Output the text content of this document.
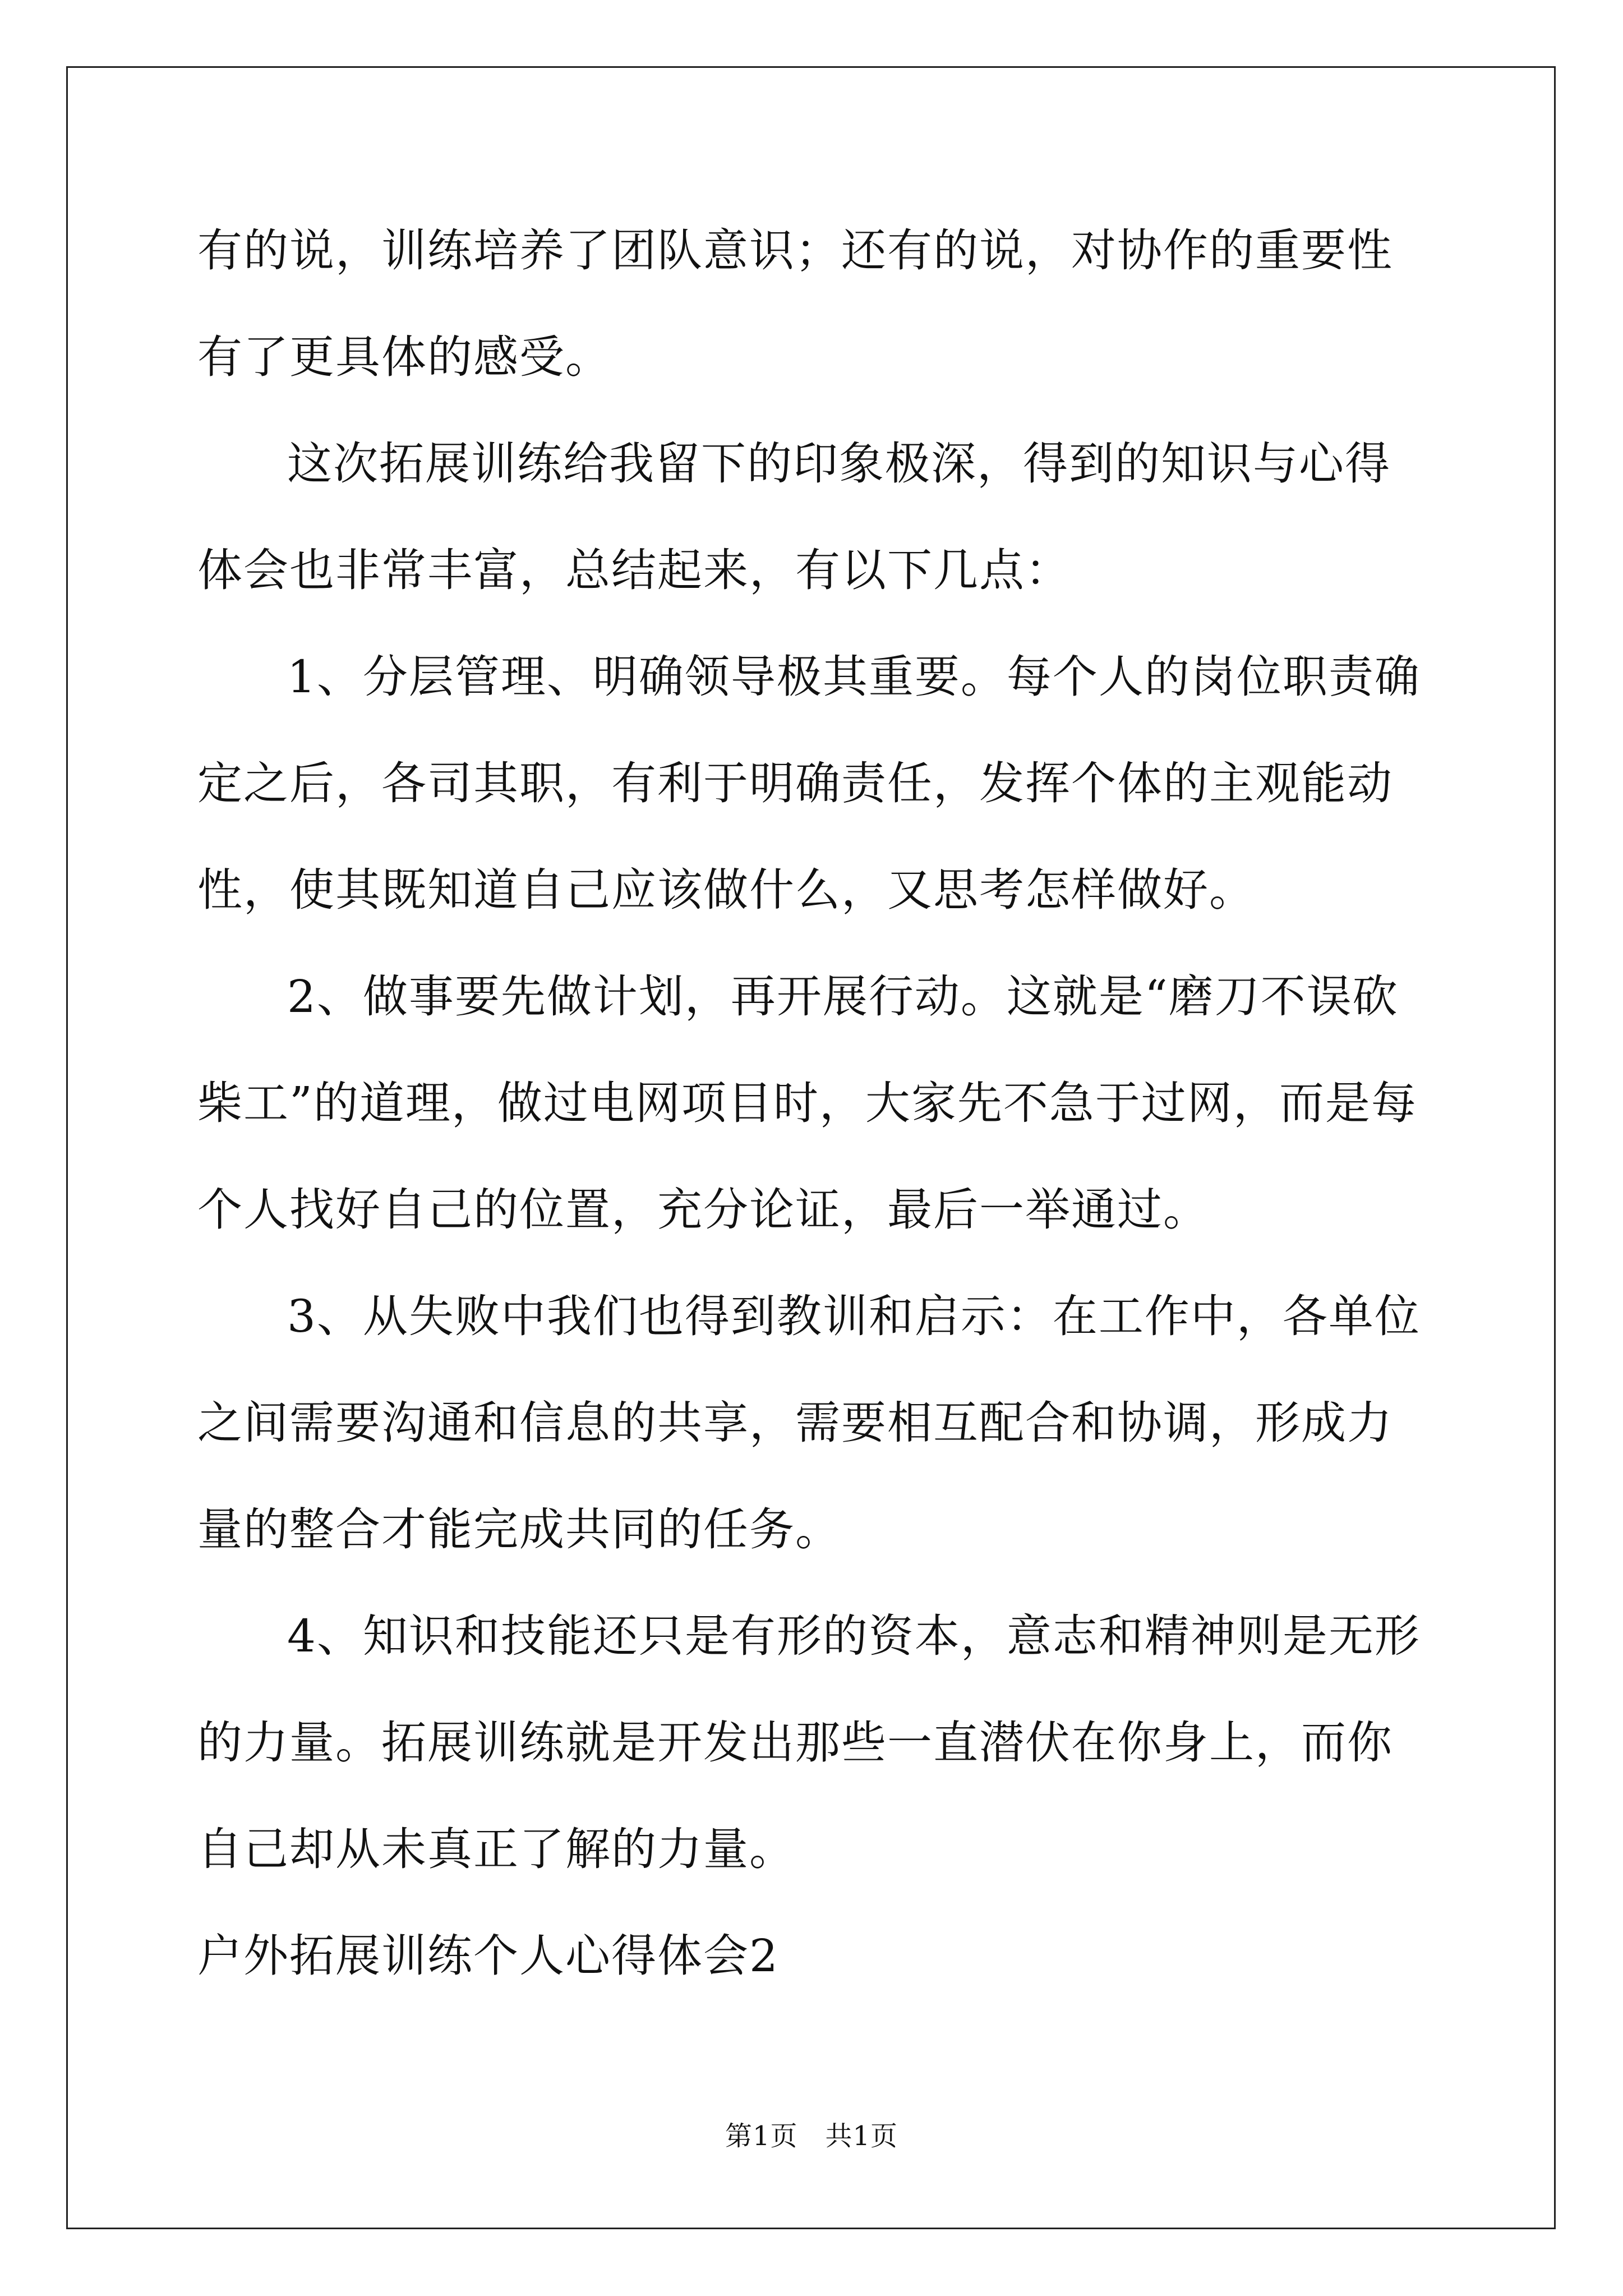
有的说，训练培养了团队意识；还有的说，对协作的重要性有了更具体的感受。

这次拓展训练给我留下的印象极深，得到的知识与心得体会也非常丰富，总结起来，有以下几点：

1、分层管理、明确领导极其重要。每个人的岗位职责确定之后，各司其职，有利于明确责任，发挥个体的主观能动性，使其既知道自己应该做什么，又思考怎样做好。

2、做事要先做计划，再开展行动。这就是“磨刀不误砍柴工”的道理，做过电网项目时，大家先不急于过网，而是每个人找好自己的位置，充分论证，最后一举通过。

3、从失败中我们也得到教训和启示：在工作中，各单位之间需要沟通和信息的共享，需要相互配合和协调，形成力量的整合才能完成共同的任务。

4、知识和技能还只是有形的资本，意志和精神则是无形的力量。拓展训练就是开发出那些一直潜伏在你身上，而你自己却从未真正了解的力量。

户外拓展训练个人心得体会2

第1页　共1页
